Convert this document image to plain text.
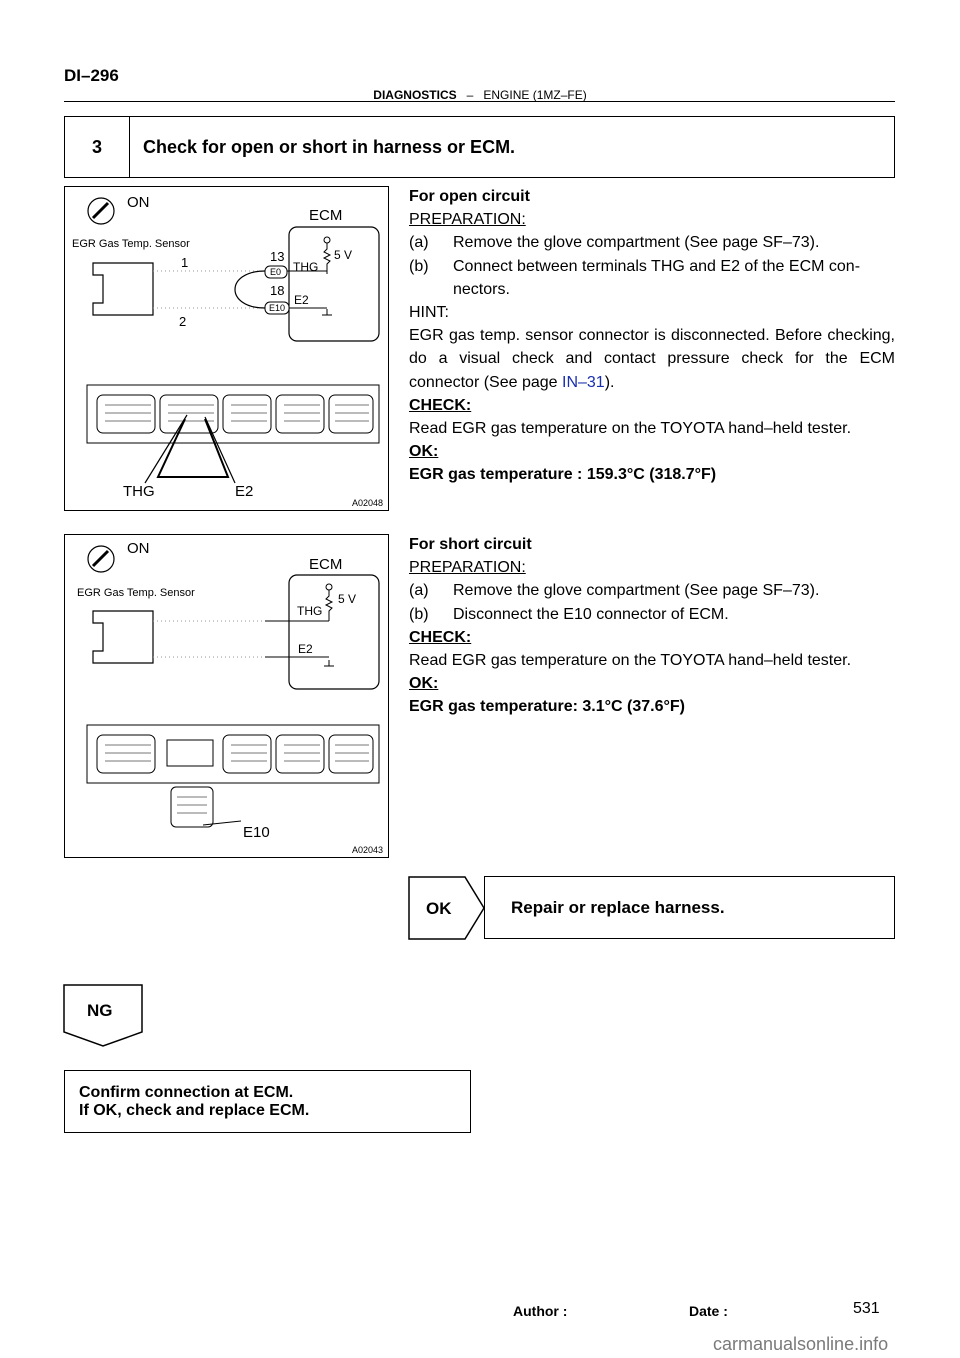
DI–296
DIAGNOSTICS – ENGINE (1MZ–FE)
3	Check for open or short in harness or ECM.
ON
ECM
EGR Gas Temp. Sensor
5 V
THG
E2
1
2
13
18
E0
E10
THG	E2
A02048
ON
ECM
EGR Gas Temp. Sensor	5 V
THG
E2
E10
A02043

For open circuit

PREPARATION:

(a)	Remove the glove compartment (See page SF–73).
(b)	Connect between terminals THG and E2 of the ECM con-
nectors.

HINT:

EGR gas temp. sensor connector is disconnected. Before checking, do a visual check and contact pressure check for the ECM connector (See page IN–31).

CHECK:

Read EGR gas temperature on the TOYOTA hand–held tester.

OK:

EGR gas temperature : 159.3°C (318.7°F)

For short circuit

PREPARATION:

(a)	Remove the glove compartment (See page SF–73).
(b)	Disconnect the E10 connector of ECM.

CHECK:

Read EGR gas temperature on the TOYOTA hand–held tester.

OK:

EGR gas temperature: 3.1°C (37.6°F)

OK	Repair or replace harness.
NG
Confirm connection at ECM.
If OK, check and replace ECM.
Author :	Date :	531
carmanualsonline.info
